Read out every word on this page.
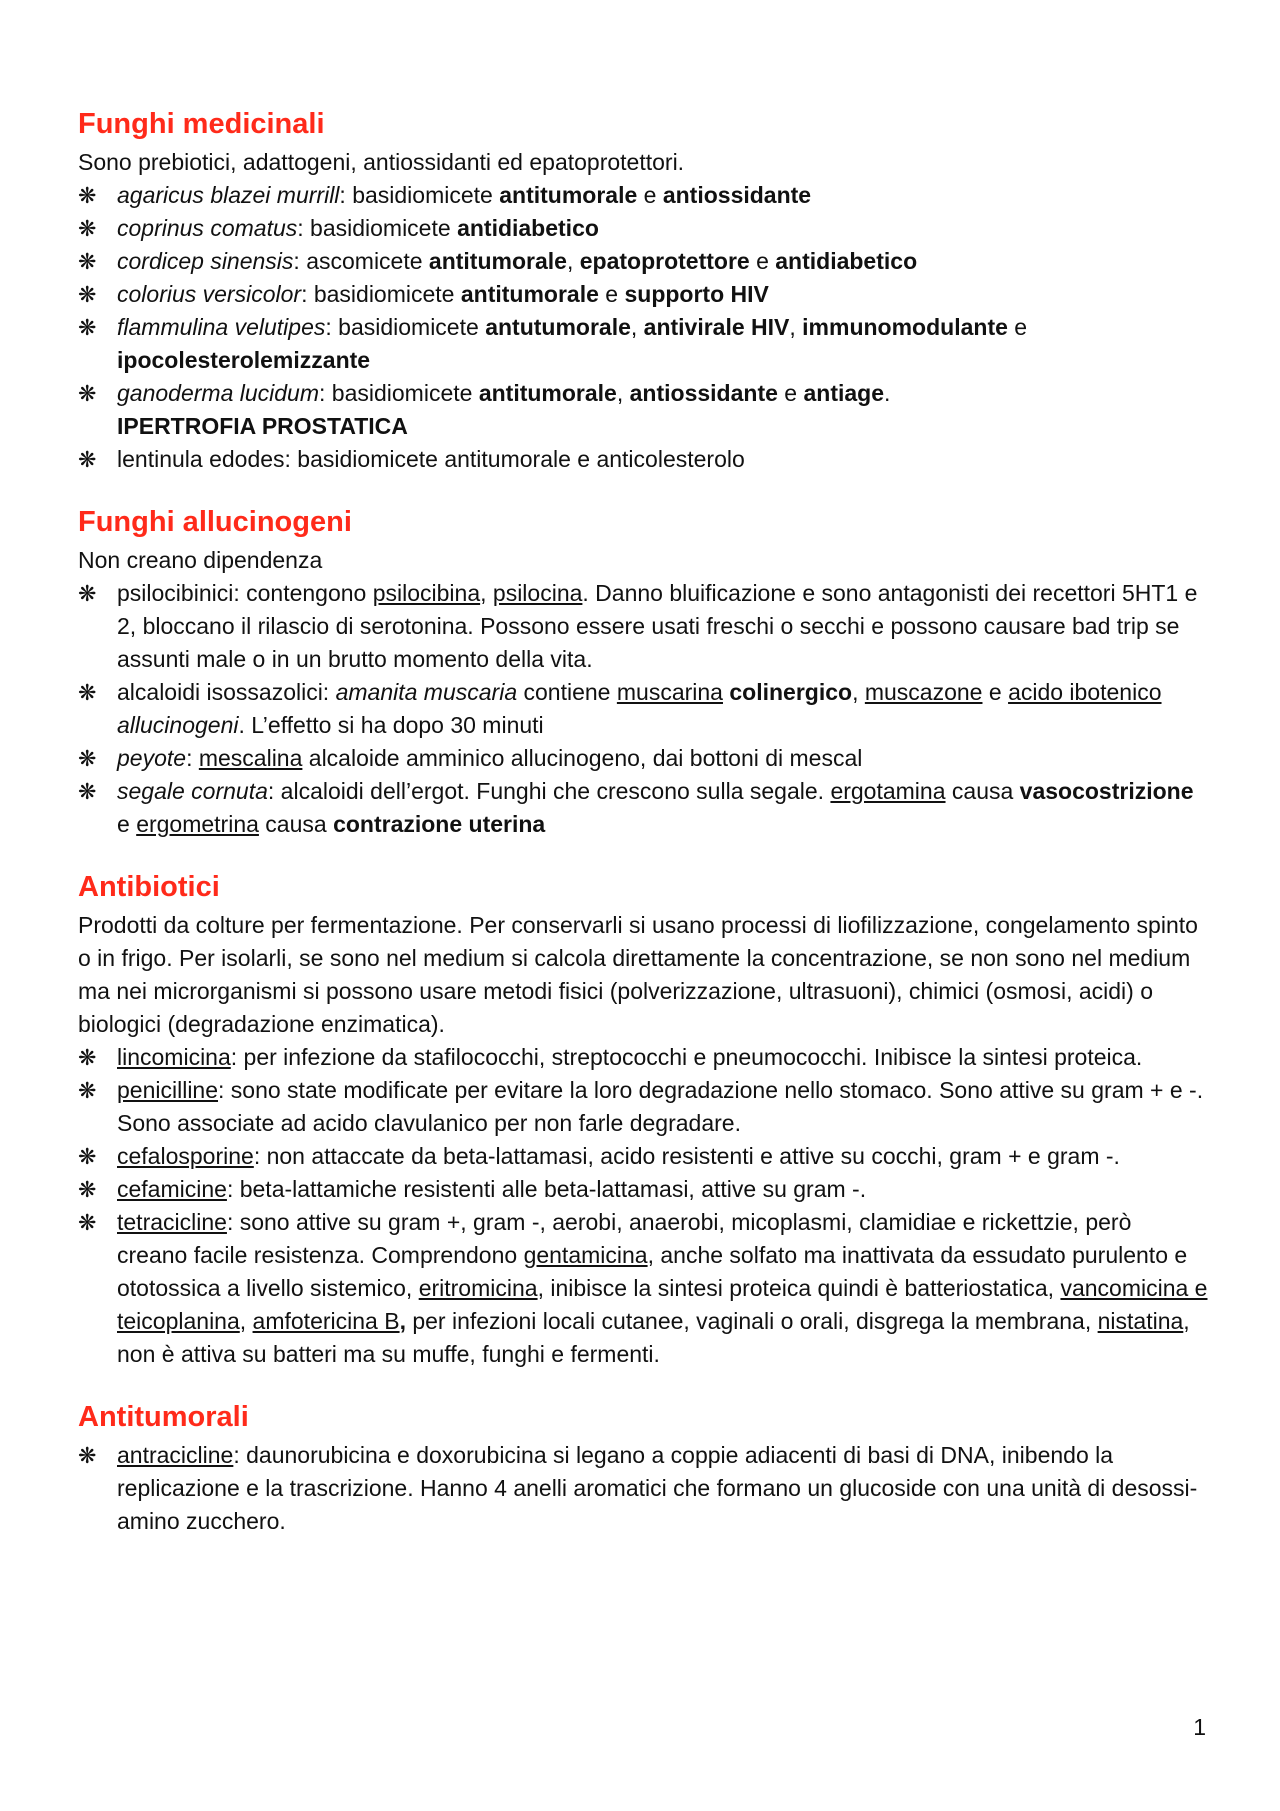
Funghi medicinali

Sono prebiotici, adattogeni, antiossidanti ed epatoprotettori.

❋ agaricus blazei murrill: basidiomicete antitumorale e antiossidante
❋ coprinus comatus: basidiomicete antidiabetico
❋ cordicep sinensis: ascomicete antitumorale, epatoprotettore e antidiabetico
❋ colorius versicolor: basidiomicete antitumorale e supporto HIV
❋ flammulina velutipes: basidiomicete antutumorale, antivirale HIV, immunomodulante e ipocolesterolemizzante
❋ ganoderma lucidum: basidiomicete antitumorale, antiossidante e antiage.
IPERTROFIA PROSTATICA
❋ lentinula edodes: basidiomicete antitumorale e anticolesterolo
Funghi allucinogeni

Non creano dipendenza

❋ psilocibinici: contengono psilocibina, psilocina. Danno bluificazione e sono antagonisti dei recettori 5HT1 e 2, bloccano il rilascio di serotonina. Possono essere usati freschi o secchi e possono causare bad trip se assunti male o in un brutto momento della vita.
❋ alcaloidi isossazolici: amanita muscaria contiene muscarina colinergico, muscazone e acido ibotenico allucinogeni. L’effetto si ha dopo 30 minuti
❋ peyote: mescalina alcaloide amminico allucinogeno, dai bottoni di mescal
❋ segale cornuta: alcaloidi dell’ergot. Funghi che crescono sulla segale. ergotamina causa vasocostrizione e ergometrina causa contrazione uterina
Antibiotici

Prodotti da colture per fermentazione. Per conservarli si usano processi di liofilizzazione, congelamento spinto o in frigo. Per isolarli, se sono nel medium si calcola direttamente la concentrazione, se non sono nel medium ma nei microrganismi si possono usare metodi fisici (polverizzazione, ultrasuoni), chimici (osmosi, acidi) o biologici (degradazione enzimatica).

❋ lincomicina: per infezione da stafilococchi, streptococchi e pneumococchi. Inibisce la sintesi proteica.
❋ penicilline: sono state modificate per evitare la loro degradazione nello stomaco. Sono attive su gram + e -. Sono associate ad acido clavulanico per non farle degradare.
❋ cefalosporine: non attaccate da beta-lattamasi, acido resistenti e attive su cocchi, gram + e gram -.
❋ cefamicine: beta-lattamiche resistenti alle beta-lattamasi, attive su gram -.
❋ tetracicline: sono attive su gram +, gram -, aerobi, anaerobi, micoplasmi, clamidiae e rickettzie, però creano facile resistenza. Comprendono gentamicina, anche solfato ma inattivata da essudato purulento e ototossica a livello sistemico, eritromicina, inibisce la sintesi proteica quindi è batteriostatica, vancomicina e teicoplanina, amfotericina B, per infezioni locali cutanee, vaginali o orali, disgrega la membrana, nistatina, non è attiva su batteri ma su muffe, funghi e fermenti.
Antitumorali
❋ antracicline: daunorubicina e doxorubicina si legano a coppie adiacenti di basi di DNA, inibendo la replicazione e la trascrizione. Hanno 4 anelli aromatici che formano un glucoside con una unità di desossi-amino zucchero.
1
